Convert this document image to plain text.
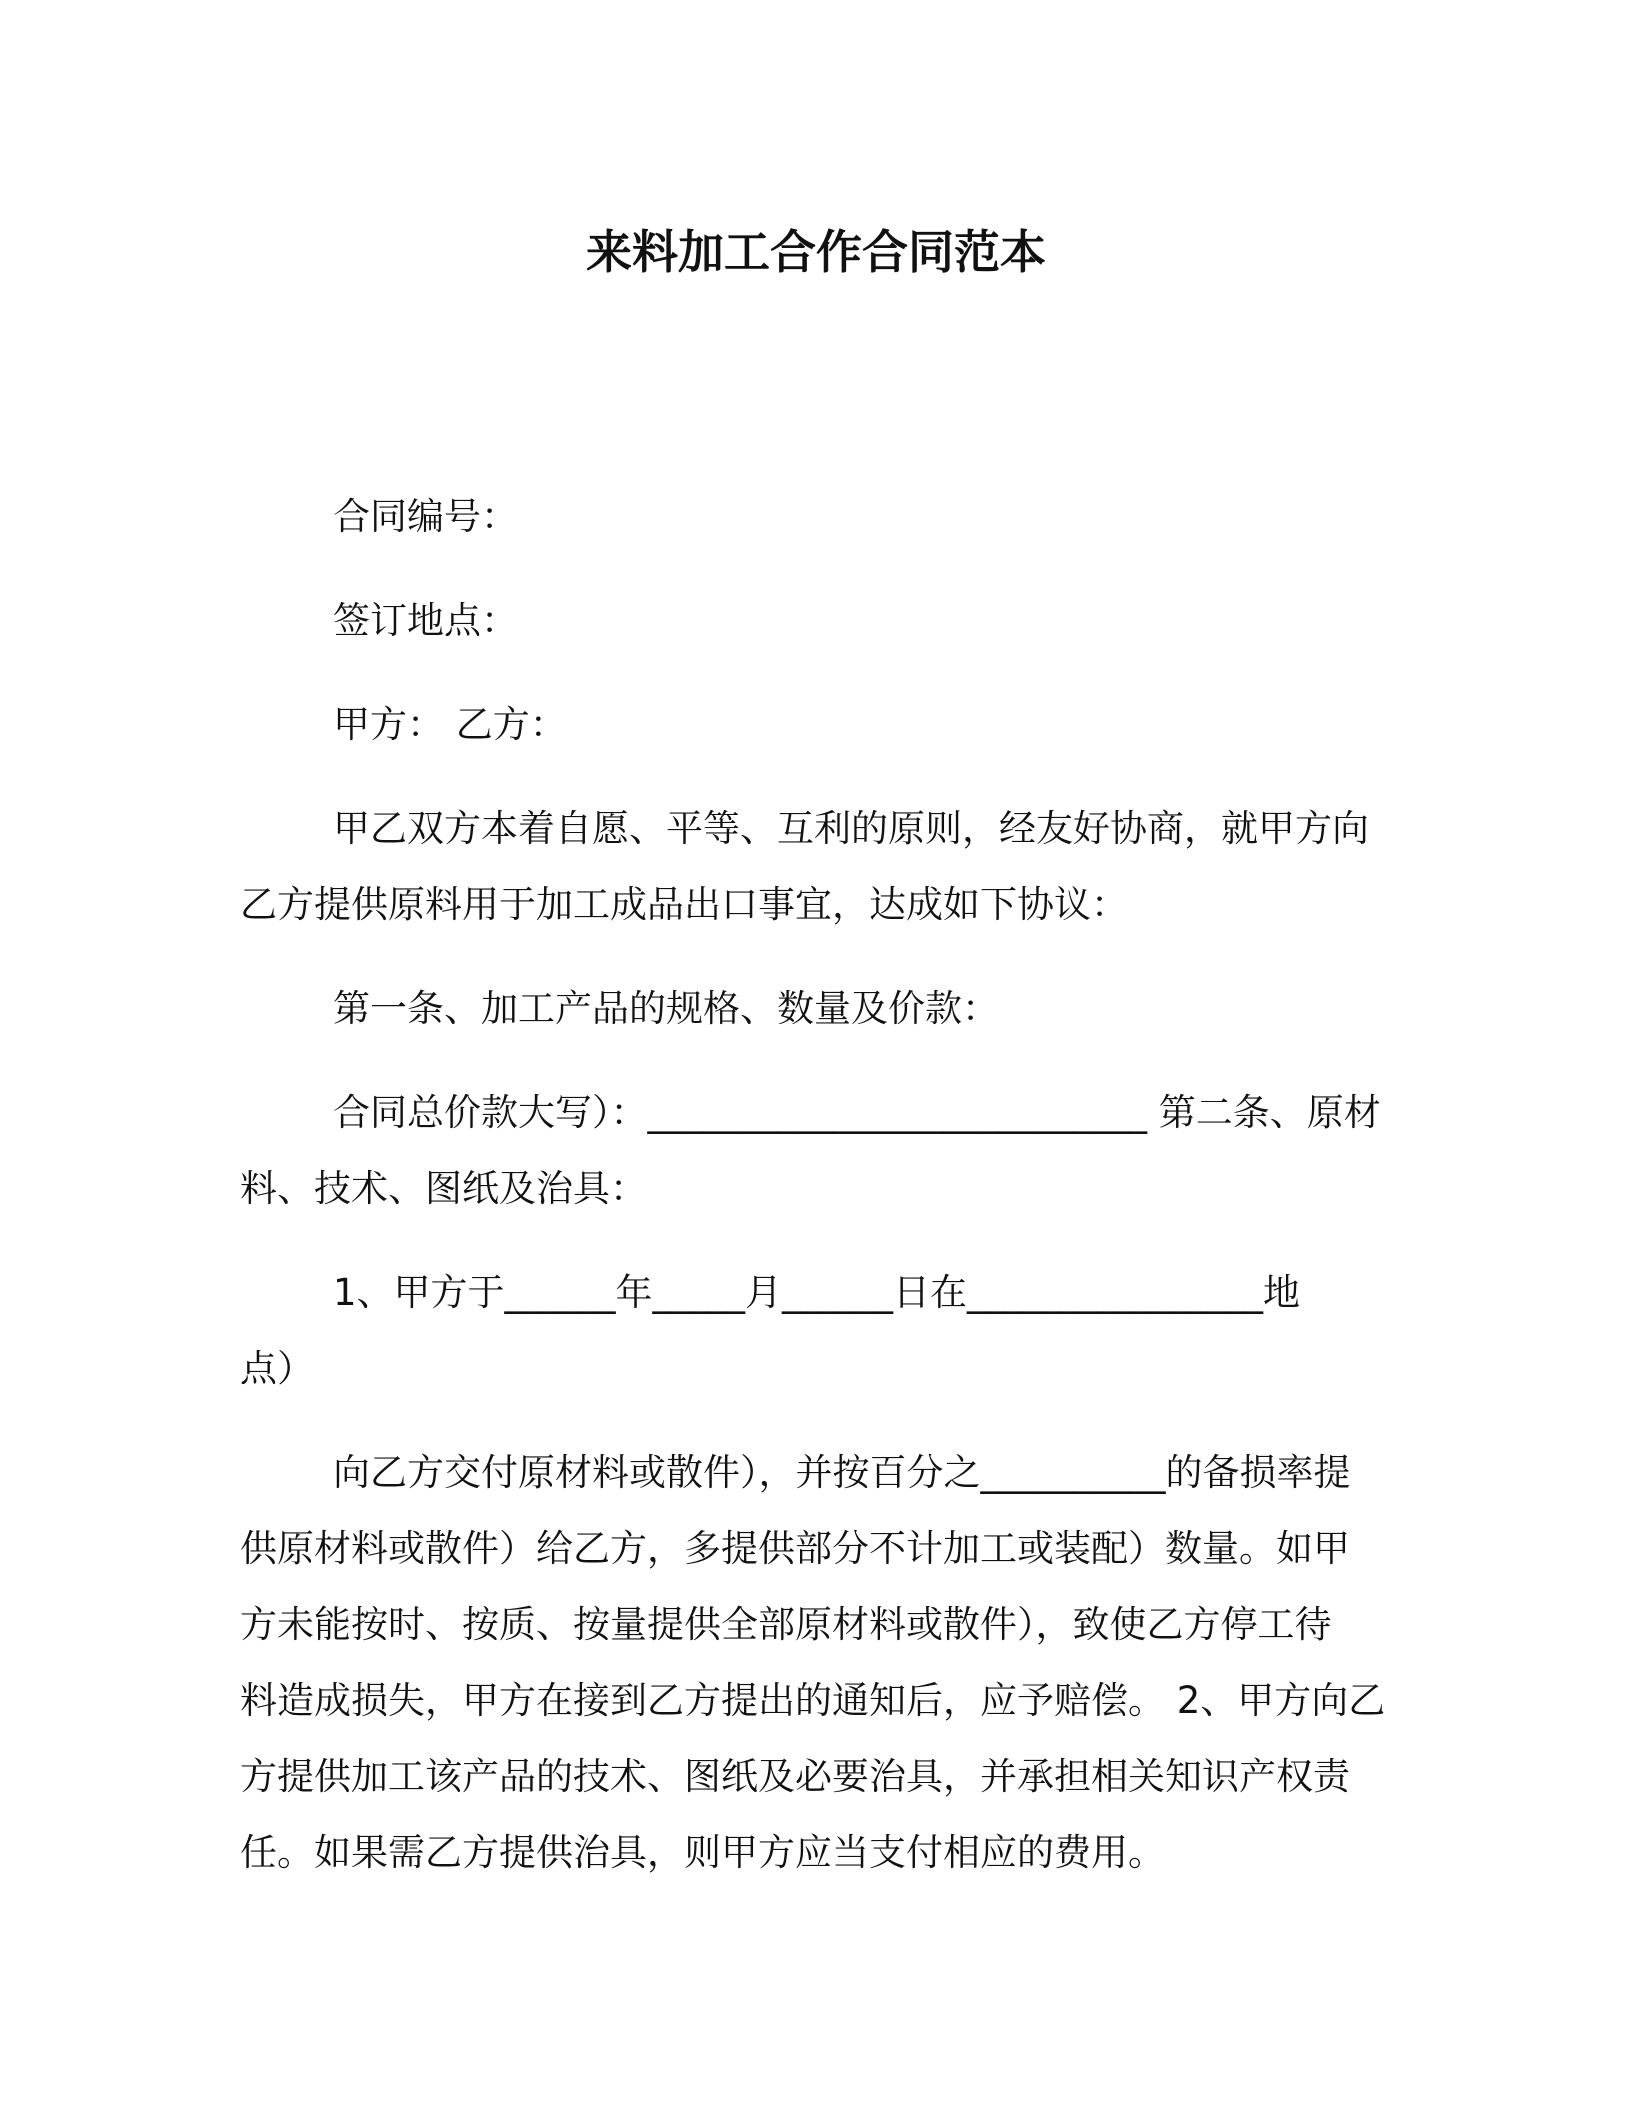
来料加工合作合同范本
合同编号：
签订地点：
甲方： 乙方：
甲乙双方本着自愿、平等、互利的原则，经友好协商，就甲方向
乙方提供原料用于加工成品出口事宜，达成如下协议：
第一条、加工产品的规格、数量及价款：
合同总价款大写）：___________________________ 第二条、原材
料、技术、图纸及治具：
1、甲方于______年_____月______日在________________地
点）
向乙方交付原材料或散件），并按百分之__________的备损率提
供原材料或散件）给乙方，多提供部分不计加工或装配）数量。如甲
方未能按时、按质、按量提供全部原材料或散件），致使乙方停工待
料造成损失，甲方在接到乙方提出的通知后，应予赔偿。 2、甲方向乙
方提供加工该产品的技术、图纸及必要治具，并承担相关知识产权责
任。如果需乙方提供治具，则甲方应当支付相应的费用。
